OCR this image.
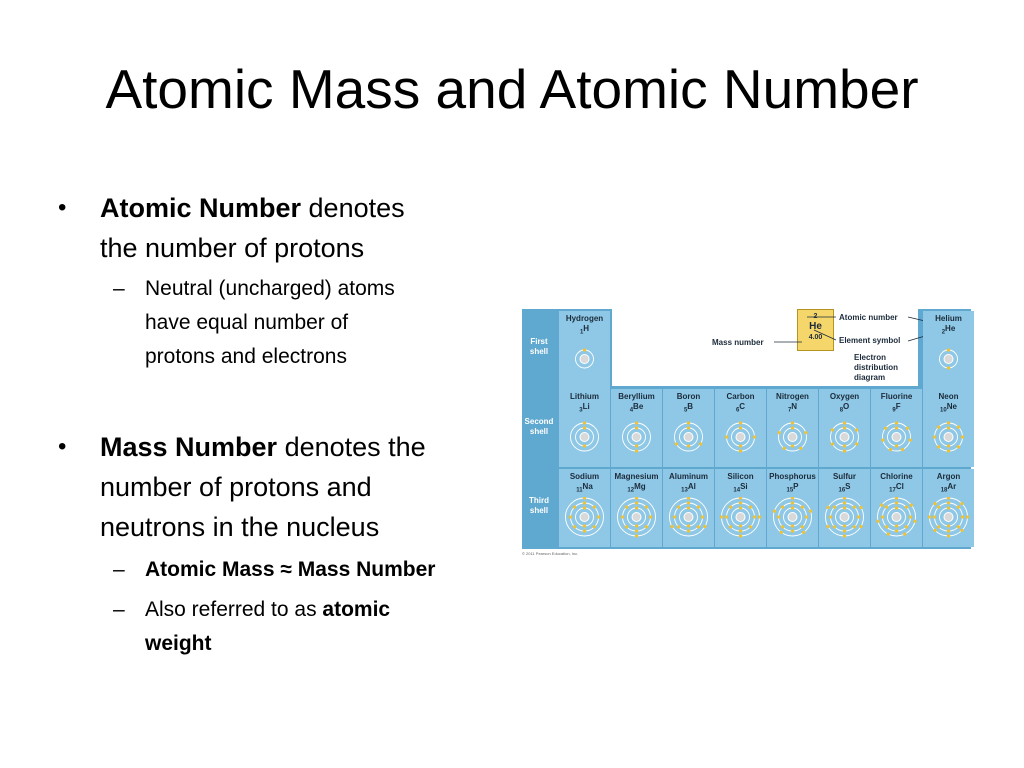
Atomic Mass and Atomic Number
•	Atomic Number denotes
the number of protons
– Neutral (uncharged) atoms
have equal number of
protons and electrons
•	Mass Number denotes the
number of protons and
neutrons in the nucleus
– Atomic Mass ≈ Mass Number
– Also referred to as atomic
weight
First shell
Second shell
Third shell
2
He
4.00
Atomic number
Element symbol
Mass number
Electron
distribution
diagram
Hydrogen
$_1$H
Helium
$_2$He
Lithium
$_3$Li
Beryllium
$_4$Be
Boron
$_5$B
Carbon
$_6$C
Nitrogen
$_7$N
Oxygen
$_8$O
Fluorine
$_9$F
Neon
$_{10}$Ne
Sodium
$_{11}$Na
Magnesium
$_{12}$Mg
Aluminum
$_{13}$Al
Silicon
$_{14}$Si
Phosphorus
$_{15}$P
Sulfur
$_{16}$S
Chlorine
$_{17}$Cl
Argon
$_{18}$Ar
© 2011 Pearson Education, Inc.
